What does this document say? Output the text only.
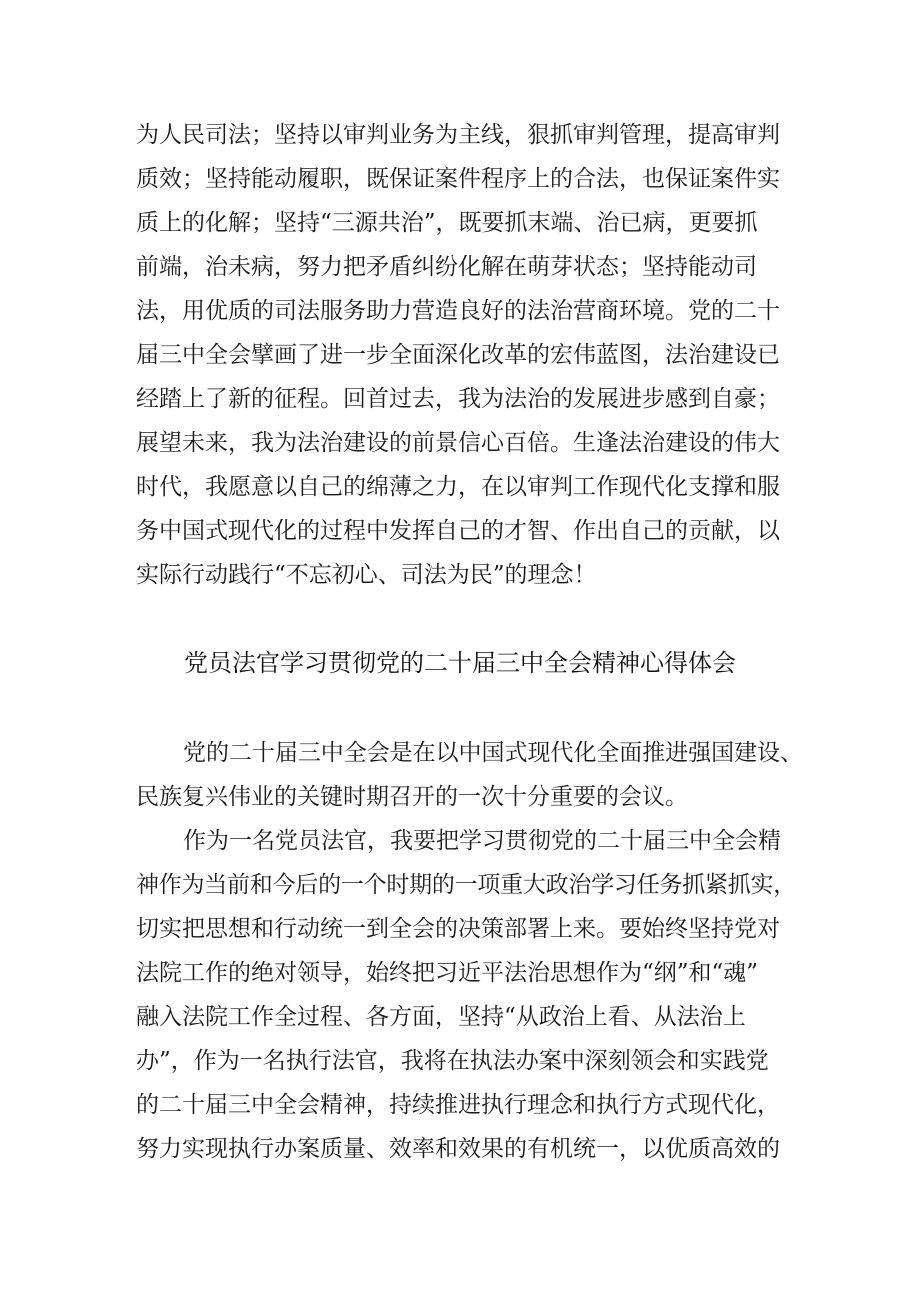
为人民司法；坚持以审判业务为主线，狠抓审判管理，提高审判
质效；坚持能动履职，既保证案件程序上的合法，也保证案件实
质上的化解；坚持“三源共治”，既要抓末端、治已病，更要抓
前端，治未病，努力把矛盾纠纷化解在萌芽状态；坚持能动司
法，用优质的司法服务助力营造良好的法治营商环境。党的二十
届三中全会擘画了进一步全面深化改革的宏伟蓝图，法治建设已
经踏上了新的征程。回首过去，我为法治的发展进步感到自豪；
展望未来，我为法治建设的前景信心百倍。生逢法治建设的伟大
时代，我愿意以自己的绵薄之力，在以审判工作现代化支撑和服
务中国式现代化的过程中发挥自己的才智、作出自己的贡献，以
实际行动践行“不忘初心、司法为民”的理念！
党员法官学习贯彻党的二十届三中全会精神心得体会
党的二十届三中全会是在以中国式现代化全面推进强国建设、
民族复兴伟业的关键时期召开的一次十分重要的会议。
作为一名党员法官，我要把学习贯彻党的二十届三中全会精
神作为当前和今后的一个时期的一项重大政治学习任务抓紧抓实，
切实把思想和行动统一到全会的决策部署上来。要始终坚持党对
法院工作的绝对领导，始终把习近平法治思想作为“纲”和“魂”
融入法院工作全过程、各方面，坚持“从政治上看、从法治上
办”，作为一名执行法官，我将在执法办案中深刻领会和实践党
的二十届三中全会精神，持续推进执行理念和执行方式现代化，
努力实现执行办案质量、效率和效果的有机统一，以优质高效的
